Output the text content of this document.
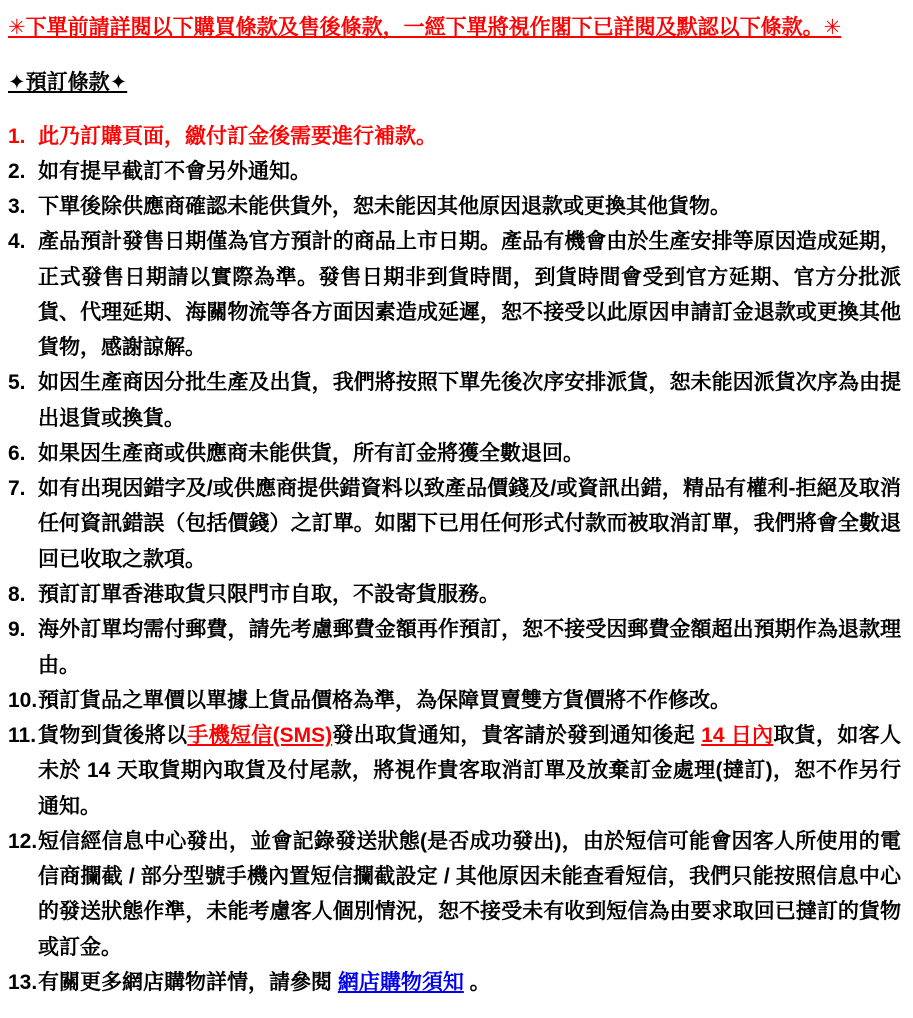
✳下單前請詳閱以下購買條款及售後條款，一經下單將視作閣下已詳閱及默認以下條款。✳
✦預訂條款✦
1. 此乃訂購頁面，繳付訂金後需要進行補款。
2. 如有提早截訂不會另外通知。
3. 下單後除供應商確認未能供貨外，恕未能因其他原因退款或更換其他貨物。
4. 產品預計發售日期僅為官方預計的商品上市日期。產品有機會由於生產安排等原因造成延期，正式發售日期請以實際為準。發售日期非到貨時間，到貨時間會受到官方延期、官方分批派貨、代理延期、海關物流等各方面因素造成延遲，恕不接受以此原因申請訂金退款或更換其他貨物，感謝諒解。
5. 如因生產商因分批生產及出貨，我們將按照下單先後次序安排派貨，恕未能因派貨次序為由提出退貨或換貨。
6. 如果因生產商或供應商未能供貨，所有訂金將獲全數退回。
7. 如有出現因錯字及/或供應商提供錯資料以致產品價錢及/或資訊出錯，精品有權利-拒絕及取消任何資訊錯誤（包括價錢）之訂單。如閣下已用任何形式付款而被取消訂單，我們將會全數退回已收取之款項。
8. 預訂訂單香港取貨只限門市自取，不設寄貨服務。
9. 海外訂單均需付郵費，請先考慮郵費金額再作預訂，恕不接受因郵費金額超出預期作為退款理由。
10. 預訂貨品之單價以單據上貨品價格為準，為保障買賣雙方貨價將不作修改。
11. 貨物到貨後將以手機短信(SMS)發出取貨通知，貴客請於發到通知後起 14 日內取貨，如客人未於 14 天取貨期內取貨及付尾款，將視作貴客取消訂單及放棄訂金處理(撻訂)，恕不作另行通知。
12. 短信經信息中心發出，並會記錄發送狀態(是否成功發出)，由於短信可能會因客人所使用的電信商攔截 / 部分型號手機內置短信攔截設定 / 其他原因未能查看短信，我們只能按照信息中心的發送狀態作準，未能考慮客人個別情況，恕不接受未有收到短信為由要求取回已撻訂的貨物或訂金。
13. 有關更多網店購物詳情，請參閱 網店購物須知 。
